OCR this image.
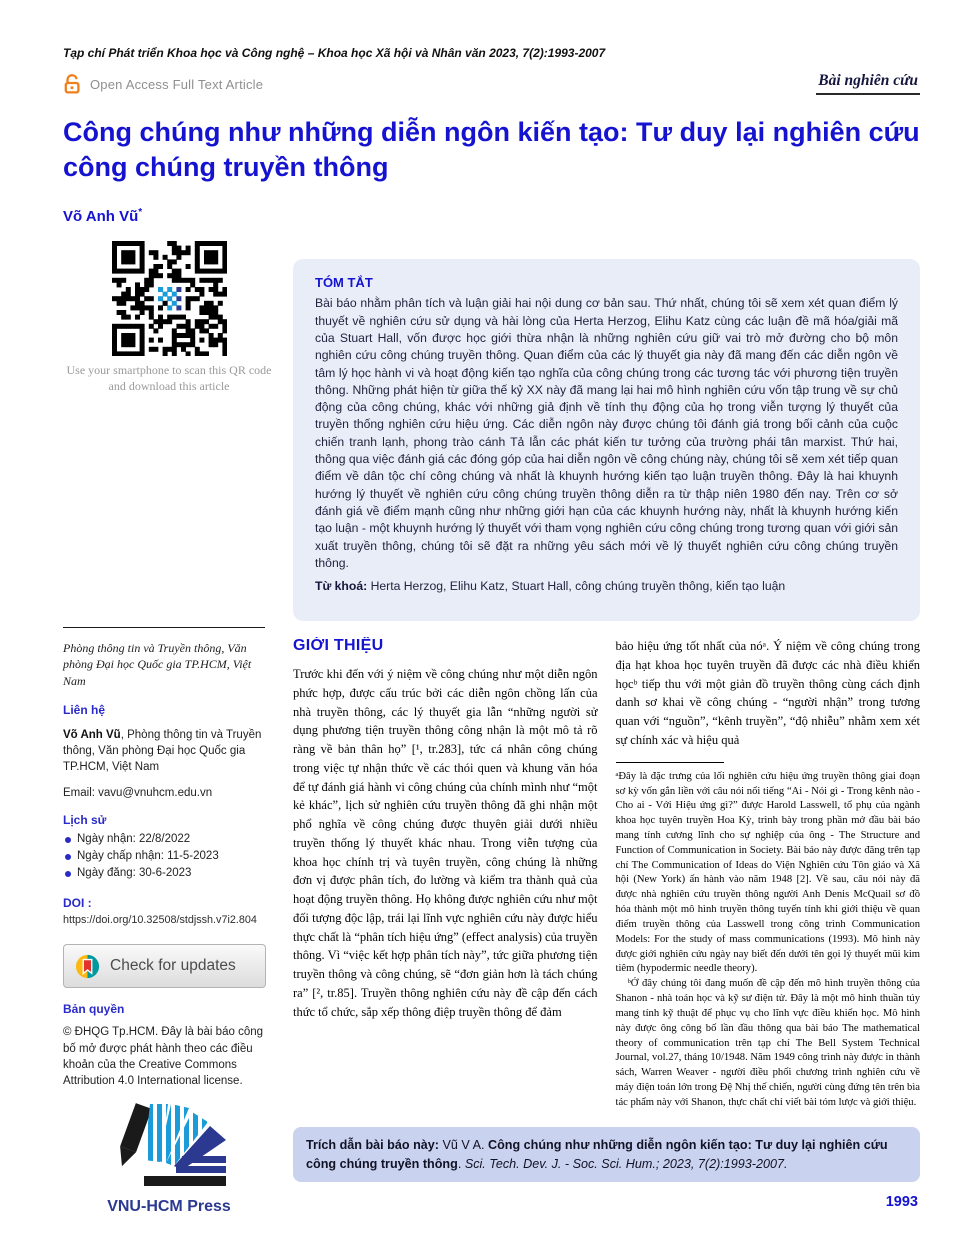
Tạp chí Phát triển Khoa học và Công nghệ – Khoa học Xã hội và Nhân văn 2023, 7(2):1993-2007
Open Access Full Text Article	Bài nghiên cứu
Công chúng như những diễn ngôn kiến tạo: Tư duy lại nghiên cứu công chúng truyền thông
Võ Anh Vũ*
Use your smartphone to scan this QR code and download this article
Phòng thông tin và Truyền thông, Văn phòng Đại học Quốc gia TP.HCM, Việt Nam
Liên hệ
Võ Anh Vũ, Phòng thông tin và Truyền thông, Văn phòng Đại học Quốc gia TP.HCM, Việt Nam
Email: vavu@vnuhcm.edu.vn
Lịch sử
Ngày nhận: 22/8/2022
Ngày chấp nhận: 11-5-2023
Ngày đăng: 30-6-2023
DOI :
https://doi.org/10.32508/stdjssh.v7i2.804
Check for updates
Bản quyền
© ĐHQG Tp.HCM. Đây là bài báo công bố mở được phát hành theo các điều khoản của the Creative Commons Attribution 4.0 International license.
VNU-HCM Press
TÓM TẮT
Bài báo nhằm phân tích và luận giải hai nội dung cơ bản sau. Thứ nhất, chúng tôi sẽ xem xét quan điểm lý thuyết về nghiên cứu sử dụng và hài lòng của Herta Herzog, Elihu Katz cùng các luận đề mã hóa/giải mã của Stuart Hall, vốn được học giới thừa nhận là những nghiên cứu giữ vai trò mở đường cho bộ môn nghiên cứu công chúng truyền thông. Quan điểm của các lý thuyết gia này đã mang đến các diễn ngôn về tâm lý học hành vi và hoạt động kiến tạo nghĩa của công chúng trong các tương tác với phương tiện truyền thông. Những phát hiện từ giữa thế kỷ XX này đã mang lại hai mô hình nghiên cứu vốn tập trung về sự chủ động của công chúng, khác với những giả định về tính thụ động của họ trong viễn tượng lý thuyết của truyền thống nghiên cứu hiệu ứng. Các diễn ngôn này được chúng tôi đánh giá trong bối cảnh của cuộc chiến tranh lạnh, phong trào cánh Tả lẫn các phát kiến tư tưởng của trường phái tân marxist. Thứ hai, thông qua việc đánh giá các đóng góp của hai diễn ngôn về công chúng này, chúng tôi sẽ xem xét tiếp quan điểm về dân tộc chí công chúng và nhất là khuynh hướng kiến tạo luận truyền thông. Đây là hai khuynh hướng lý thuyết về nghiên cứu công chúng truyền thông diễn ra từ thập niên 1980 đến nay. Trên cơ sở đánh giá về điểm mạnh cũng như những giới hạn của các khuynh hướng này, nhất là khuynh hướng kiến tạo luận - một khuynh hướng lý thuyết với tham vọng nghiên cứu công chúng trong tương quan với giới sản xuất truyền thông, chúng tôi sẽ đặt ra những yêu sách mới về lý thuyết nghiên cứu công chúng truyền thông.
Từ khoá: Herta Herzog, Elihu Katz, Stuart Hall, công chúng truyền thông, kiến tạo luận
GIỚI THIỆU
Trước khi đến với ý niệm về công chúng như một diễn ngôn phức hợp, được cấu trúc bởi các diễn ngôn chồng lấn của nhà truyền thông, các lý thuyết gia lẫn “những người sử dụng phương tiện truyền thông công nhận là một mô tả rõ ràng về bản thân họ” [¹, tr.283], tức cá nhân công chúng trong việc tự nhận thức về các thói quen và khung văn hóa để tự đánh giá hành vi công chúng của chính mình như “một kẻ khác”, lịch sử nghiên cứu truyền thông đã ghi nhận một phổ nghĩa về công chúng được thuyên giải dưới nhiều truyền thống lý thuyết khác nhau. Trong viễn tượng của khoa học chính trị và tuyên truyền, công chúng là những đơn vị được phân tích, đo lường và kiểm tra thành quả của hoạt động truyền thông. Họ không được nghiên cứu như một đối tượng độc lập, trái lại lĩnh vực nghiên cứu này được hiểu thực chất là “phân tích hiệu ứng” (effect analysis) của truyền thông. Vì “việc kết hợp phân tích này”, tức giữa phương tiện truyền thông và công chúng, sẽ “đơn giản hơn là tách chúng ra” [², tr.85]. Truyền thông nghiên cứu này đề cập đến cách thức tổ chức, sắp xếp thông điệp truyền thông để đảm
bảo hiệu ứng tốt nhất của nóᵃ. Ý niệm về công chúng trong địa hạt khoa học tuyên truyền đã được các nhà điều khiển họcᵇ tiếp thu với một giản đồ truyền thông cùng cách định danh sơ khai về công chúng - “người nhận” trong tương quan với “nguồn”, “kênh truyền”, “độ nhiễu” nhằm xem xét sự chính xác và hiệu quả
ᵃĐây là đặc trưng của lối nghiên cứu hiệu ứng truyền thông giai đoạn sơ kỳ vốn gắn liền với câu nói nổi tiếng “Ai - Nói gì - Trong kênh nào - Cho ai - Với Hiệu ứng gì?” được Harold Lasswell, tổ phụ của ngành khoa học tuyên truyền Hoa Kỳ, trình bày trong phần mở đầu bài báo mang tính cương lĩnh cho sự nghiệp của ông - The Structure and Function of Communication in Society. Bài báo này được đăng trên tạp chí The Communication of Ideas do Viện Nghiên cứu Tôn giáo và Xã hội (New York) ấn hành vào năm 1948 [2]. Về sau, câu nói này đã được nhà nghiên cứu truyền thông người Anh Denis McQuail sơ đồ hóa thành một mô hình truyền thông tuyến tính khi giới thiệu về quan điểm truyền thông của Lasswell trong công trình Communication Models: For the study of mass communications (1993). Mô hình này được giới nghiên cứu ngày nay biết đến dưới tên gọi lý thuyết mũi kim tiêm (hypodermic needle theory).
ᵇỞ đây chúng tôi đang muốn đề cập đến mô hình truyền thông của Shanon - nhà toán học và kỹ sư điện tử. Đây là một mô hình thuần túy mang tính kỹ thuật để phục vụ cho lĩnh vực điều khiển học. Mô hình này được ông công bố lần đầu thông qua bài báo The mathematical theory of communication trên tạp chí The Bell System Technical Journal, vol.27, tháng 10/1948. Năm 1949 công trình này được in thành sách, Warren Weaver - người điều phối chương trình nghiên cứu về máy điện toán lớn trong Đệ Nhị thế chiến, người cùng đứng tên trên bìa tác phẩm này với Shanon, thực chất chỉ viết bài tóm lược và giới thiệu.
Trích dẫn bài báo này: Vũ V A. Công chúng như những diễn ngôn kiến tạo: Tư duy lại nghiên cứu công chúng truyền thông. Sci. Tech. Dev. J. - Soc. Sci. Hum.; 2023, 7(2):1993-2007.
1993
